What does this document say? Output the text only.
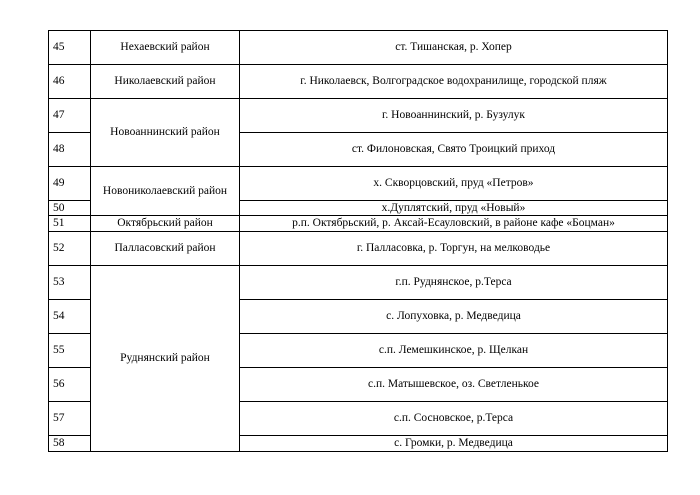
45	Нехаевский район	ст. Тишанская, р. Хопер
46	Николаевский район	г. Николаевск, Волгоградское водохранилище, городской пляж
47	Новоаннинский район	г. Новоаннинский, р. Бузулук
48		ст. Филоновская, Свято Троицкий приход
49	Новониколаевский район	х. Скворцовский, пруд «Петров»
50		х.Дуплятский, пруд «Новый»
51	Октябрьский район	р.п. Октябрьский, р. Аксай-Есауловский, в районе кафе «Боцман»
52	Палласовский район	г. Палласовка, р. Торгун, на мелководье
53	Руднянский район	г.п. Руднянское, р.Терса
54		с. Лопуховка, р. Медведица
55		с.п. Лемешкинское, р. Щелкан
56		с.п. Матышевское, оз. Светленькое
57		с.п. Сосновское, р.Терса
58		с. Громки, р. Медведица
